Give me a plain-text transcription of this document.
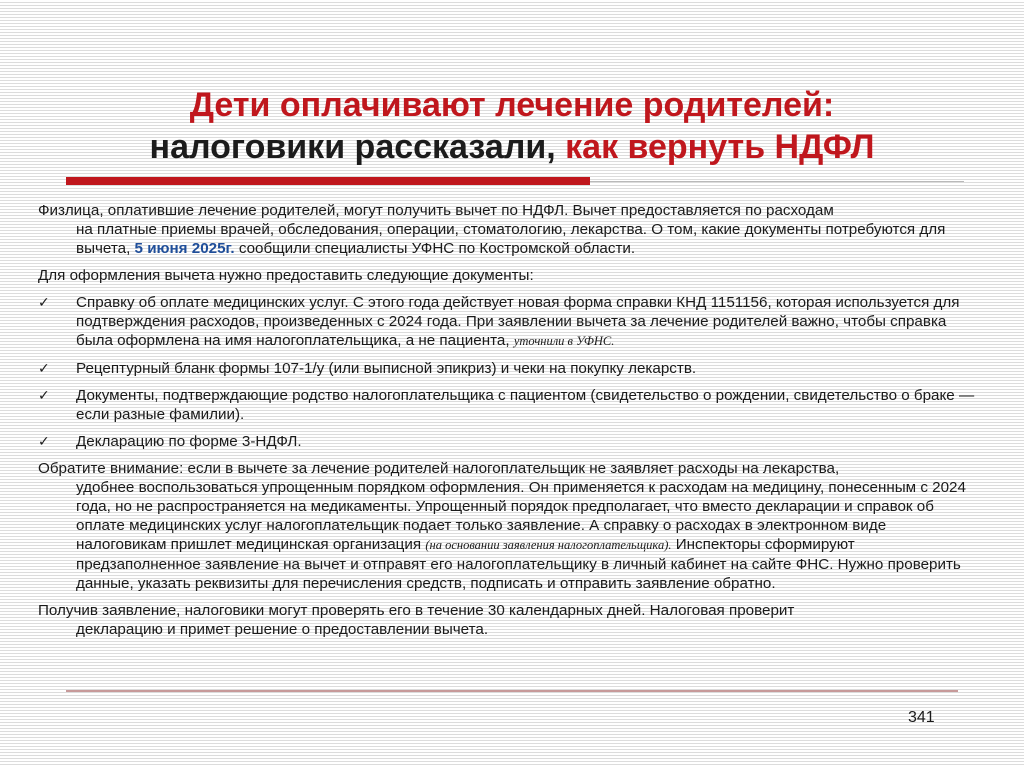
Дети оплачивают лечение родителей:
налоговики рассказали, как вернуть НДФЛ
Физлица, оплатившие лечение родителей, могут получить вычет по НДФЛ. Вычет предоставляется по расходам
на платные приемы врачей, обследования, операции, стоматологию, лекарства. О том, какие документы потребуются для вычета, 5 июня 2025г. сообщили специалисты УФНС по Костромской области.
Для оформления вычета нужно предоставить следующие документы:
✓	Справку об оплате медицинских услуг. С этого года действует новая форма справки КНД 1151156, которая используется для подтверждения расходов, произведенных с 2024 года. При заявлении вычета за лечение родителей важно, чтобы справка была оформлена на имя налогоплательщика, а не пациента, уточнили в УФНС.
✓	Рецептурный бланк формы 107-1/у (или выписной эпикриз) и чеки на покупку лекарств.
✓	Документы, подтверждающие родство налогоплательщика с пациентом (свидетельство о рождении, свидетельство о браке — если разные фамилии).
✓	Декларацию по форме 3-НДФЛ.
Обратите внимание: если в вычете за лечение родителей налогоплательщик не заявляет расходы на лекарства,
удобнее воспользоваться упрощенным порядком оформления. Он применяется к расходам на медицину, понесенным с 2024 года, но не распространяется на медикаменты. Упрощенный порядок предполагает, что вместо декларации и справок об оплате медицинских услуг налогоплательщик подает только заявление. А справку о расходах в электронном виде налоговикам пришлет медицинская организация (на основании заявления налогоплательщика). Инспекторы сформируют предзаполненное заявление на вычет и отправят его налогоплательщику в личный кабинет на сайте ФНС. Нужно проверить данные, указать реквизиты для перечисления средств, подписать и отправить заявление обратно.
Получив заявление, налоговики могут проверять его в течение 30 календарных дней. Налоговая проверит
декларацию и примет решение о предоставлении вычета.
341
